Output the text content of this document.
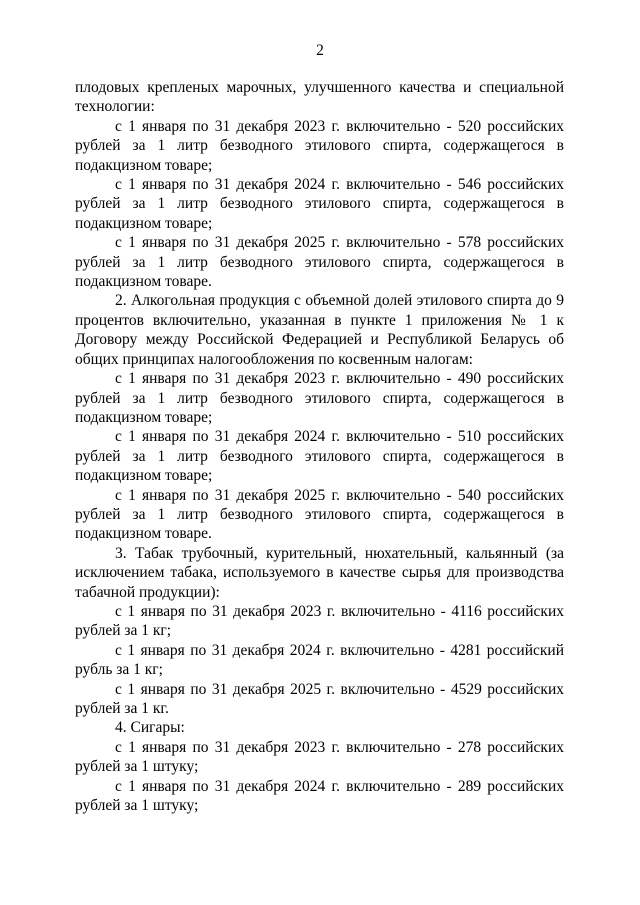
2

плодовых крепленых марочных, улучшенного качества и специальной технологии:

с 1 января по 31 декабря 2023 г. включительно - 520 российских рублей за 1 литр безводного этилового спирта, содержащегося в подакцизном товаре;

с 1 января по 31 декабря 2024 г. включительно - 546 российских рублей за 1 литр безводного этилового спирта, содержащегося в подакцизном товаре;

с 1 января по 31 декабря 2025 г. включительно - 578 российских рублей за 1 литр безводного этилового спирта, содержащегося в подакцизном товаре.

2. Алкогольная продукция с объемной долей этилового спирта до 9 процентов включительно, указанная в пункте 1 приложения № 1 к Договору между Российской Федерацией и Республикой Беларусь об общих принципах налогообложения по косвенным налогам:

с 1 января по 31 декабря 2023 г. включительно - 490 российских рублей за 1 литр безводного этилового спирта, содержащегося в подакцизном товаре;

с 1 января по 31 декабря 2024 г. включительно - 510 российских рублей за 1 литр безводного этилового спирта, содержащегося в подакцизном товаре;

с 1 января по 31 декабря 2025 г. включительно - 540 российских рублей за 1 литр безводного этилового спирта, содержащегося в подакцизном товаре.

3. Табак трубочный, курительный, нюхательный, кальянный (за исключением табака, используемого в качестве сырья для производства табачной продукции):

с 1 января по 31 декабря 2023 г. включительно - 4116 российских рублей за 1 кг;

с 1 января по 31 декабря 2024 г. включительно - 4281 российский рубль за 1 кг;

с 1 января по 31 декабря 2025 г. включительно - 4529 российских рублей за 1 кг.

4. Сигары:

с 1 января по 31 декабря 2023 г. включительно - 278 российских рублей за 1 штуку;

с 1 января по 31 декабря 2024 г. включительно - 289 российских рублей за 1 штуку;
